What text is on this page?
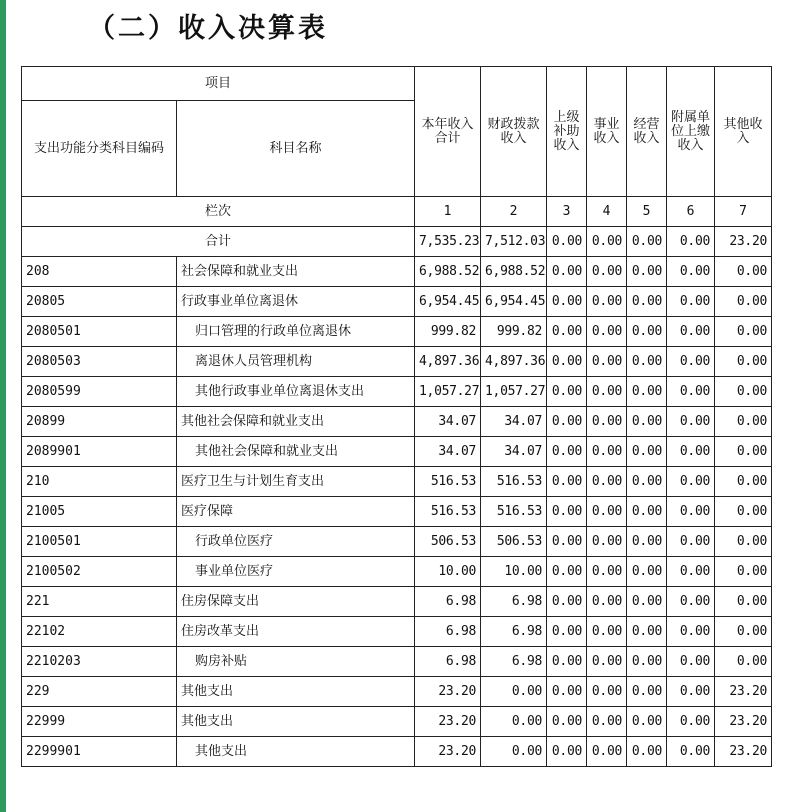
（二）收入决算表
项目		本年收入合计	财政拨款收入	上级补助收入	事业收入	经营收入	附属单位上缴收入	其他收入
支出功能分类科目编码	科目名称							
栏次		1	2	3	4	5	6	7
合计		7,535.23	7,512.03	0.00	0.00	0.00	0.00	23.20
208	社会保障和就业支出	6,988.52	6,988.52	0.00	0.00	0.00	0.00	0.00
20805	行政事业单位离退休	6,954.45	6,954.45	0.00	0.00	0.00	0.00	0.00
2080501	归口管理的行政单位离退休	999.82	999.82	0.00	0.00	0.00	0.00	0.00
2080503	离退休人员管理机构	4,897.36	4,897.36	0.00	0.00	0.00	0.00	0.00
2080599	其他行政事业单位离退休支出	1,057.27	1,057.27	0.00	0.00	0.00	0.00	0.00
20899	其他社会保障和就业支出	34.07	34.07	0.00	0.00	0.00	0.00	0.00
2089901	其他社会保障和就业支出	34.07	34.07	0.00	0.00	0.00	0.00	0.00
210	医疗卫生与计划生育支出	516.53	516.53	0.00	0.00	0.00	0.00	0.00
21005	医疗保障	516.53	516.53	0.00	0.00	0.00	0.00	0.00
2100501	行政单位医疗	506.53	506.53	0.00	0.00	0.00	0.00	0.00
2100502	事业单位医疗	10.00	10.00	0.00	0.00	0.00	0.00	0.00
221	住房保障支出	6.98	6.98	0.00	0.00	0.00	0.00	0.00
22102	住房改革支出	6.98	6.98	0.00	0.00	0.00	0.00	0.00
2210203	购房补贴	6.98	6.98	0.00	0.00	0.00	0.00	0.00
229	其他支出	23.20	0.00	0.00	0.00	0.00	0.00	23.20
22999	其他支出	23.20	0.00	0.00	0.00	0.00	0.00	23.20
2299901	其他支出	23.20	0.00	0.00	0.00	0.00	0.00	23.20
